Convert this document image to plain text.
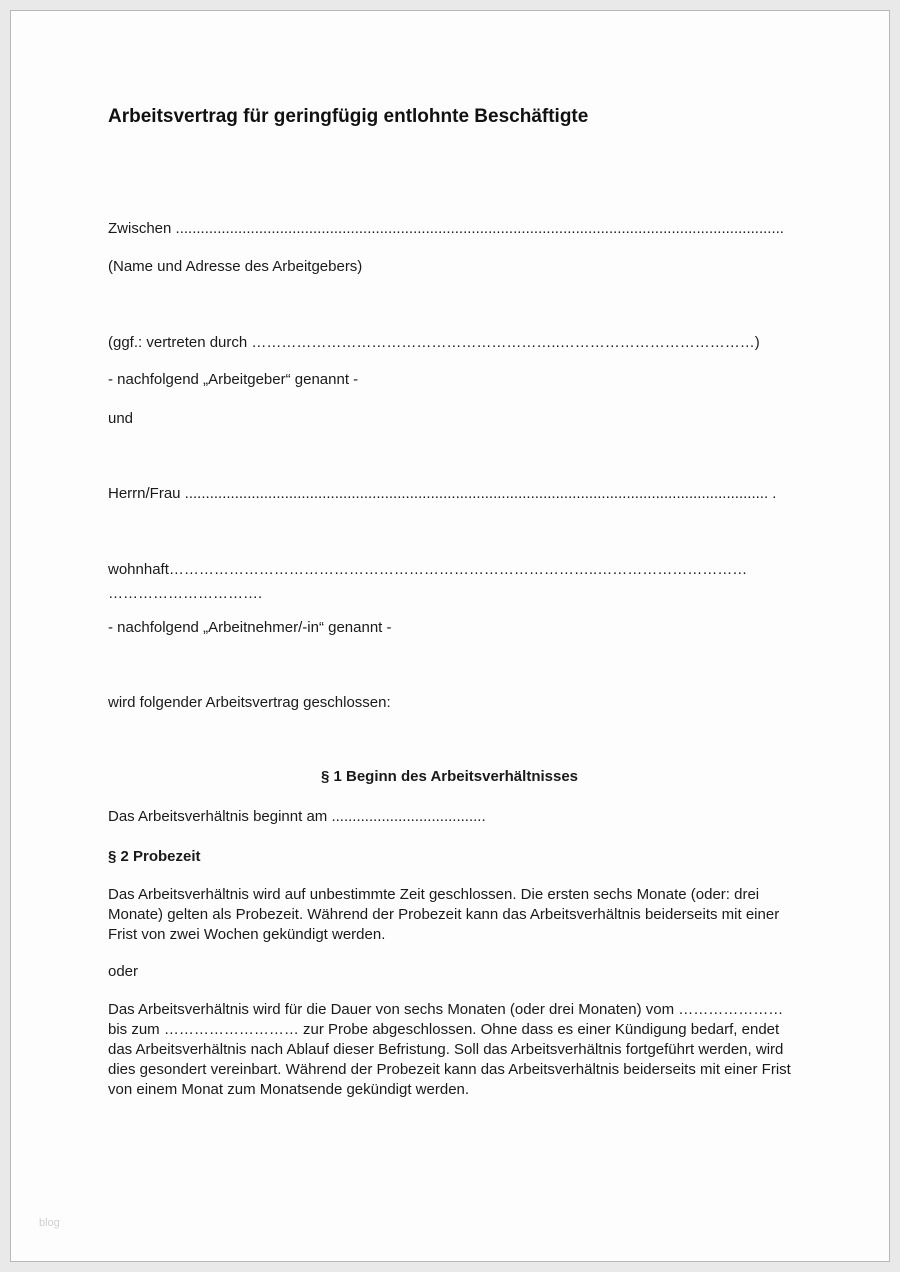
Arbeitsvertrag für geringfügig entlohnte Beschäftigte

Zwischen ..................................................................................................................................................

(Name und Adresse des Arbeitgebers)

(ggf.: vertreten durch ……………………………………………………..…………………………………)

- nachfolgend „Arbeitgeber“ genannt -

und

Herrn/Frau ............................................................................................................................................ .

wohnhaft…………………………………………………………………………..…………………………

………………………….

- nachfolgend „Arbeitnehmer/-in“ genannt -

wird folgender Arbeitsvertrag geschlossen:

§ 1 Beginn des Arbeitsverhältnisses

Das Arbeitsverhältnis beginnt am .....................................

§ 2 Probezeit

Das Arbeitsverhältnis wird auf unbestimmte Zeit geschlossen. Die ersten sechs Monate (oder: drei Monate) gelten als Probezeit. Während der Probezeit kann das Arbeitsverhältnis beiderseits mit einer Frist von zwei Wochen gekündigt werden.

oder

Das Arbeitsverhältnis wird für die Dauer von sechs Monaten (oder drei Monaten) vom ………………… bis zum ……………………… zur Probe abgeschlossen. Ohne dass es einer Kündigung bedarf, endet das Arbeitsverhältnis nach Ablauf dieser Befristung. Soll das Arbeitsverhältnis fortgeführt werden, wird dies gesondert vereinbart. Während der Probezeit kann das Arbeitsverhältnis beiderseits mit einer Frist von einem Monat zum Monatsende gekündigt werden.

blog
